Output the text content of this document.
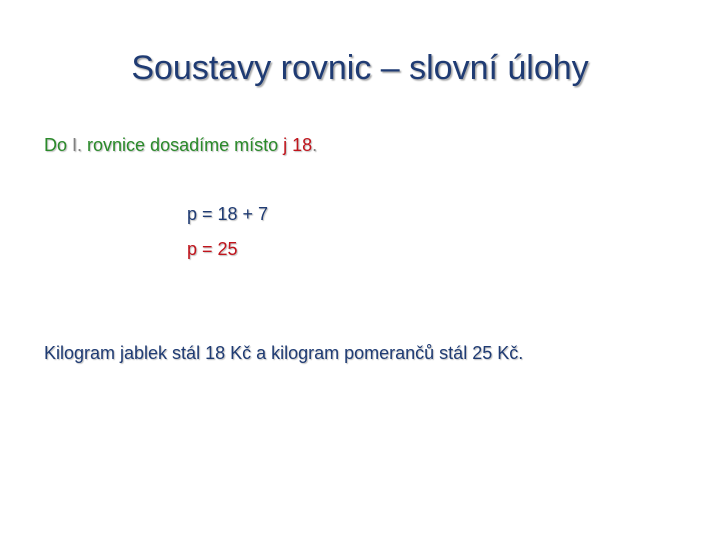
Soustavy rovnic – slovní úlohy
Do I. rovnice dosadíme místo j 18.
p = 18 + 7
p = 25
Kilogram jablek stál 18 Kč a kilogram pomerančů stál 25 Kč.
